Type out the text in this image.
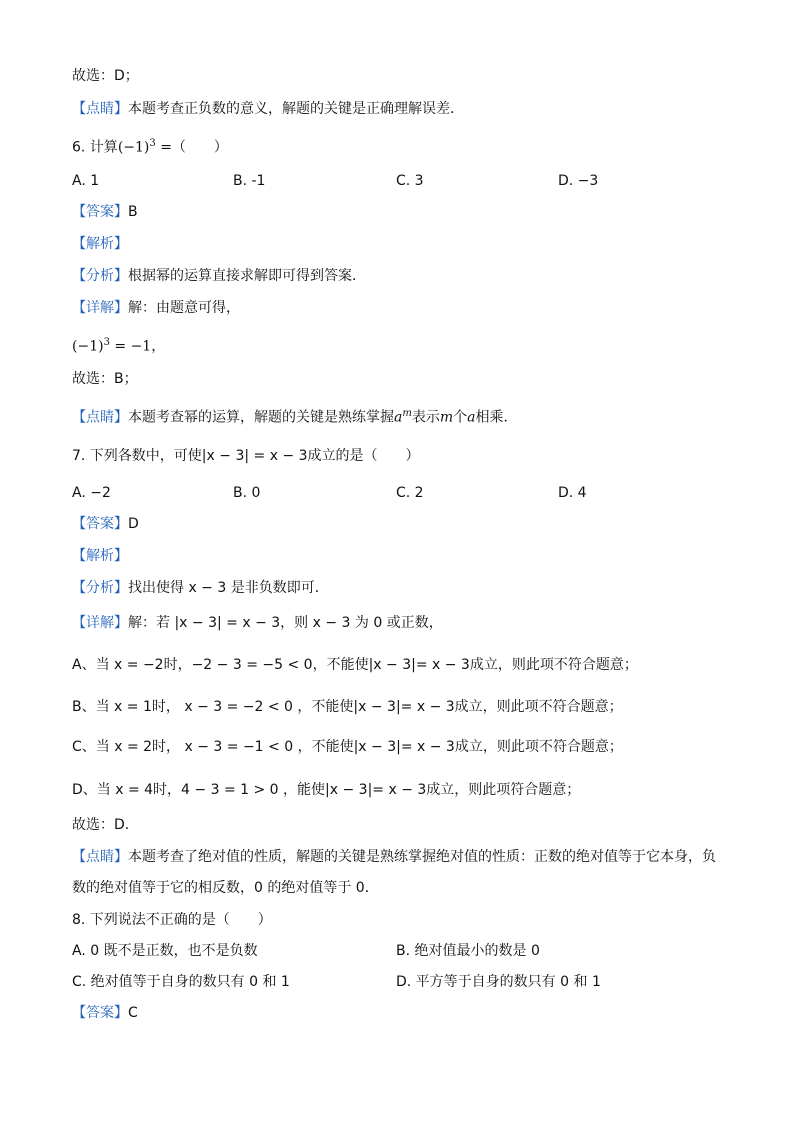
故选：D；
【点睛】本题考查正负数的意义，解题的关键是正确理解误差．
6. 计算$(-1)^3$ =（　　）
A. 1	B. -1	C. 3	D. −3
【答案】B
【解析】
【分析】根据幂的运算直接求解即可得到答案．
【详解】解：由题意可得，
$(-1)^3 = -1$，
故选：B；
【点睛】本题考查幂的运算，解题的关键是熟练掌握$a^m$表示m个a相乘．
7. 下列各数中，可使|x − 3| = x − 3成立的是（　　）
A. −2	B. 0	C. 2	D. 4
【答案】D
【解析】
【分析】找出使得 x − 3 是非负数即可．
【详解】解：若 |x − 3| = x − 3，则 x − 3 为 0 或正数，
A、当 x = −2时，−2 − 3 = −5 < 0，不能使|x − 3|= x − 3成立，则此项不符合题意；
B、当 x = 1时， x − 3 = −2 < 0 ，不能使|x − 3|= x − 3成立，则此项不符合题意；
C、当 x = 2时， x − 3 = −1 < 0 ，不能使|x − 3|= x − 3成立，则此项不符合题意；
D、当 x = 4时，4 − 3 = 1 > 0 ，能使|x − 3|= x − 3成立，则此项符合题意；
故选：D．
【点睛】本题考查了绝对值的性质，解题的关键是熟练掌握绝对值的性质：正数的绝对值等于它本身，负
数的绝对值等于它的相反数，0 的绝对值等于 0．
8. 下列说法不正确的是（　　）
A. 0 既不是正数，也不是负数	B. 绝对值最小的数是 0
C. 绝对值等于自身的数只有 0 和 1	D. 平方等于自身的数只有 0 和 1
【答案】C
